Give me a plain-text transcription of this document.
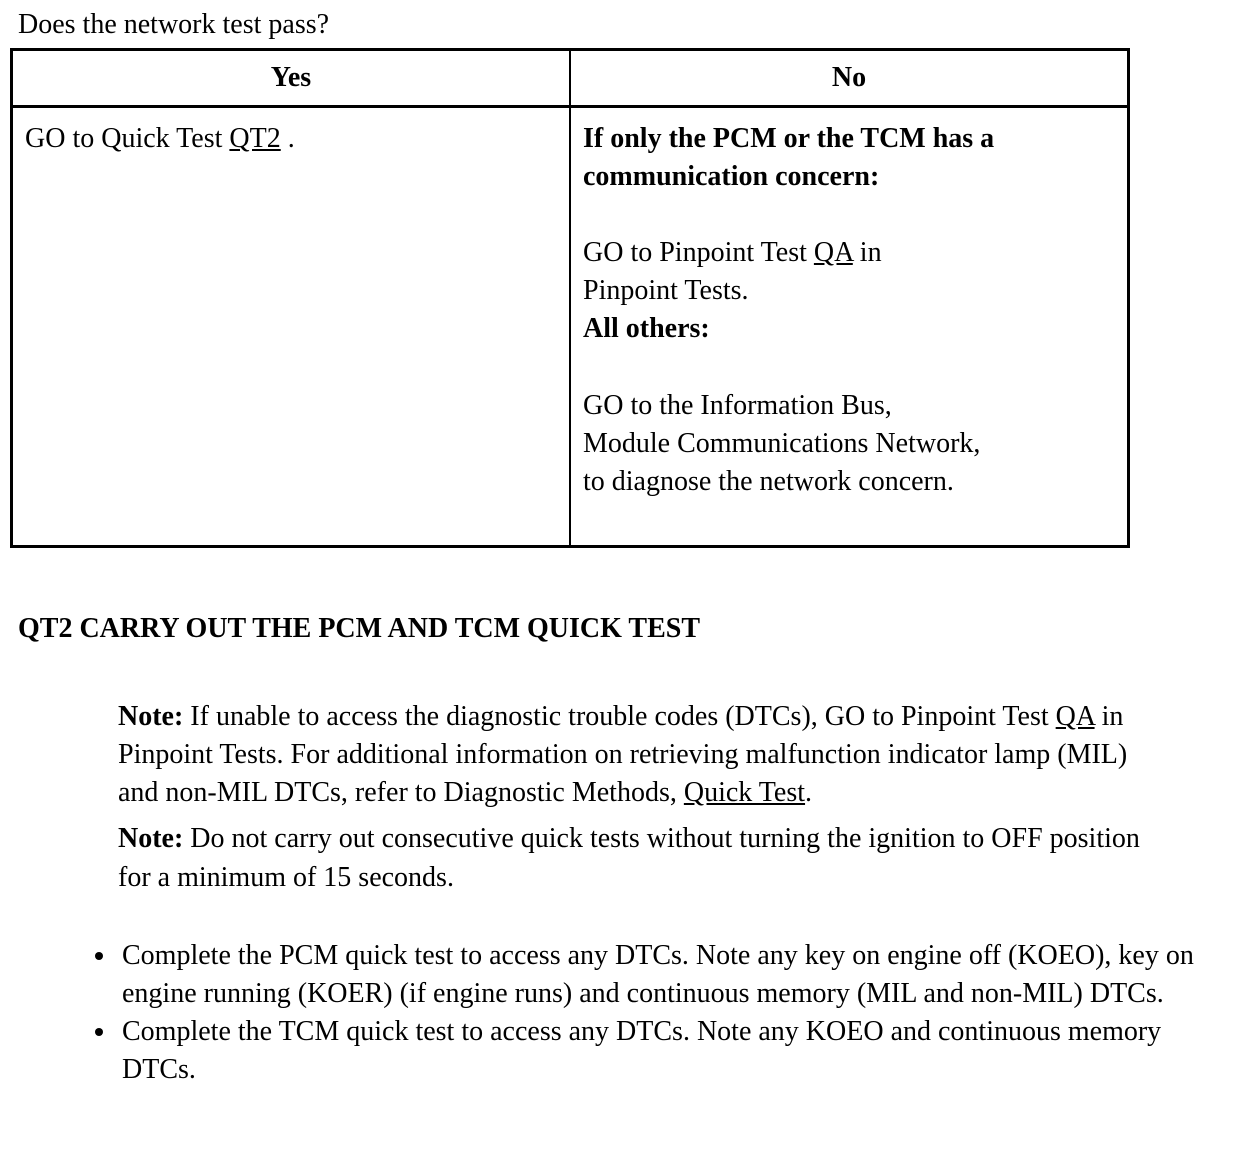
Does the network test pass?

Yes	No
GO to Quick Test QT2 .	If only the PCM or the TCM has a communication concern:

GO to Pinpoint Test QA in
Pinpoint Tests.

All others:

GO to the Information Bus,
Module Communications Network,
to diagnose the network concern.

QT2 CARRY OUT THE PCM AND TCM QUICK TEST

Note: If unable to access the diagnostic trouble codes (DTCs), GO to Pinpoint Test QA in Pinpoint Tests. For additional information on retrieving malfunction indicator lamp (MIL) and non-MIL DTCs, refer to Diagnostic Methods, Quick Test.

Note: Do not carry out consecutive quick tests without turning the ignition to OFF position for a minimum of 15 seconds.

• Complete the PCM quick test to access any DTCs. Note any key on engine off (KOEO), key on engine running (KOER) (if engine runs) and continuous memory (MIL and non-MIL) DTCs.
• Complete the TCM quick test to access any DTCs. Note any KOEO and continuous memory DTCs.
